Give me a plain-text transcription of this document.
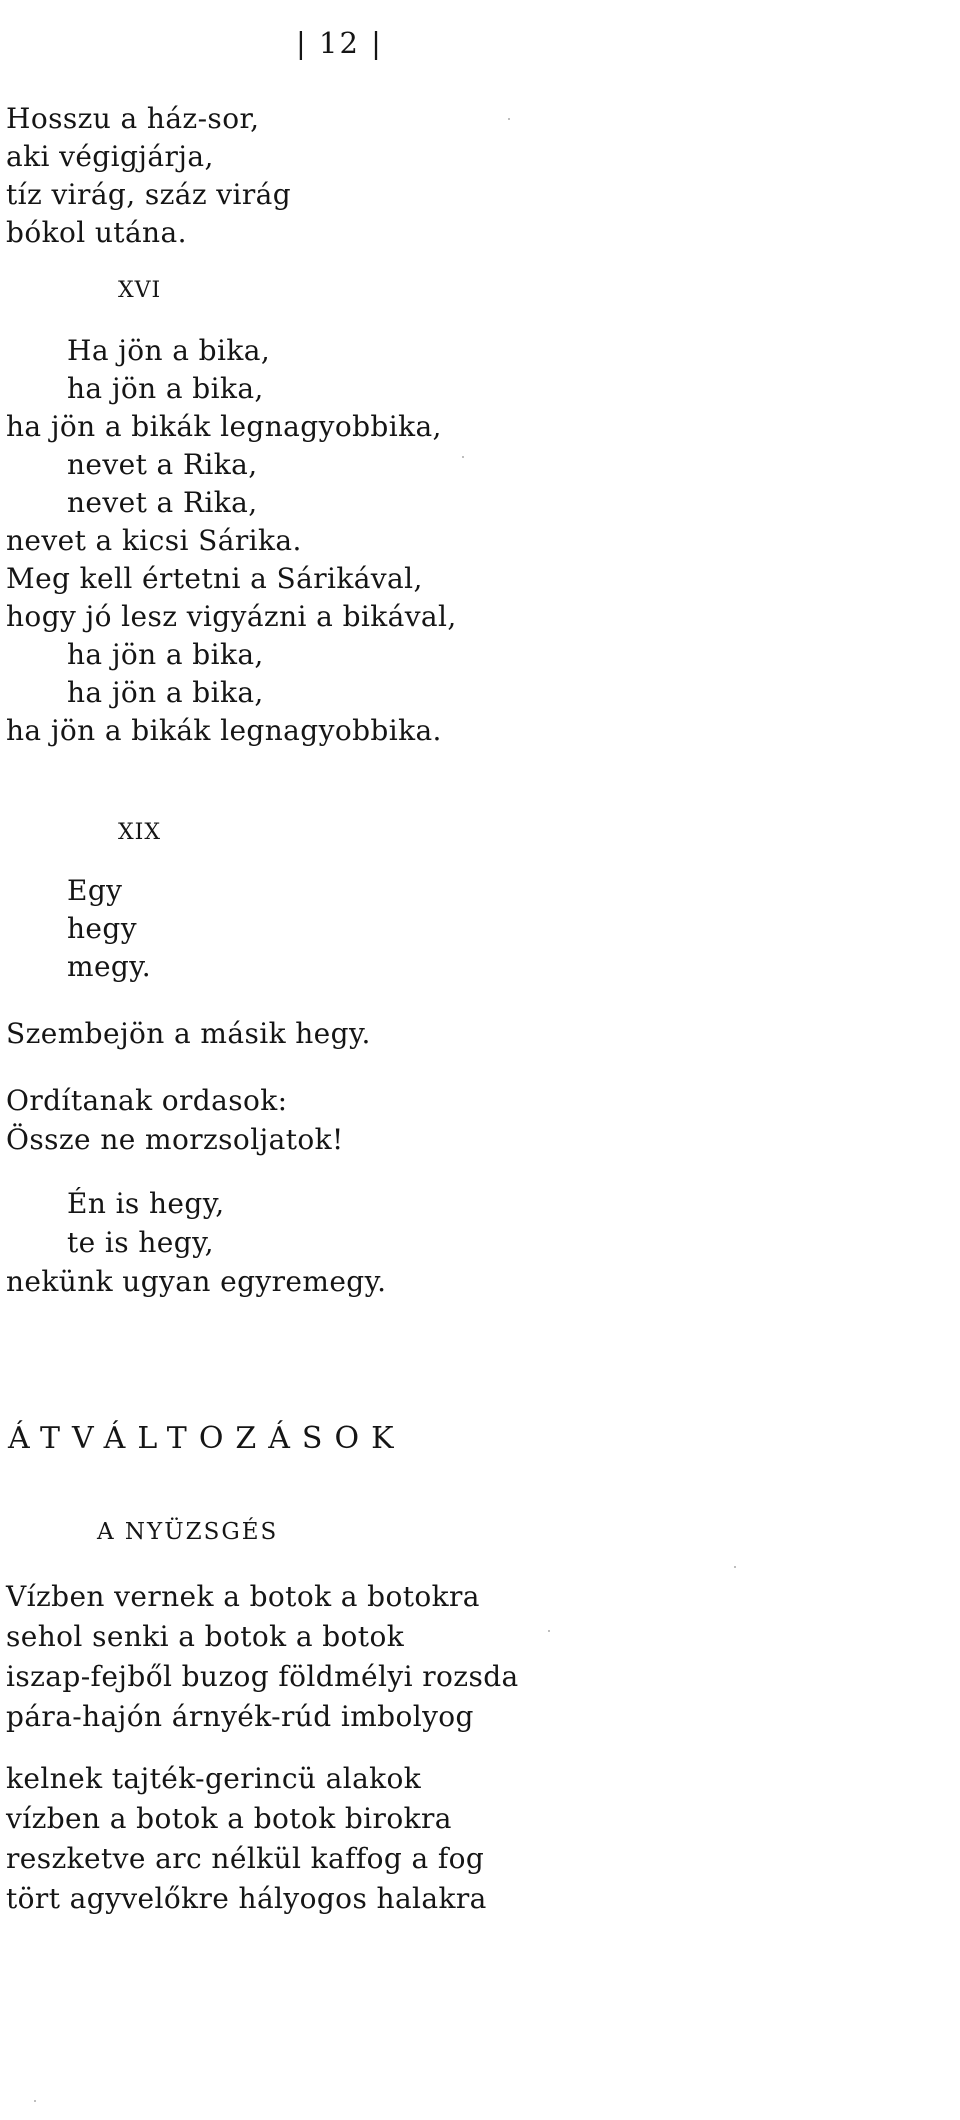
| 12 |
Hosszu a ház-sor,
aki végigjárja,
tíz virág, száz virág
bókol utána.
XVI
Ha jön a bika,
ha jön a bika,
ha jön a bikák legnagyobbika,
nevet a Rika,
nevet a Rika,
nevet a kicsi Sárika.
Meg kell értetni a Sárikával,
hogy jó lesz vigyázni a bikával,
ha jön a bika,
ha jön a bika,
ha jön a bikák legnagyobbika.
XIX
Egy
hegy
megy.
Szembejön a másik hegy.
Ordítanak ordasok:
Össze ne morzsoljatok!
Én is hegy,
te is hegy,
nekünk ugyan egyremegy.
ÁTVÁLTOZÁSOK
A NYÜZSGÉS
Vízben vernek a botok a botokra
sehol senki a botok a botok
iszap-fejből buzog földmélyi rozsda
pára-hajón árnyék-rúd imbolyog
kelnek tajték-gerincü alakok
vízben a botok a botok birokra
reszketve arc nélkül kaffog a fog
tört agyvelőkre hályogos halakra
